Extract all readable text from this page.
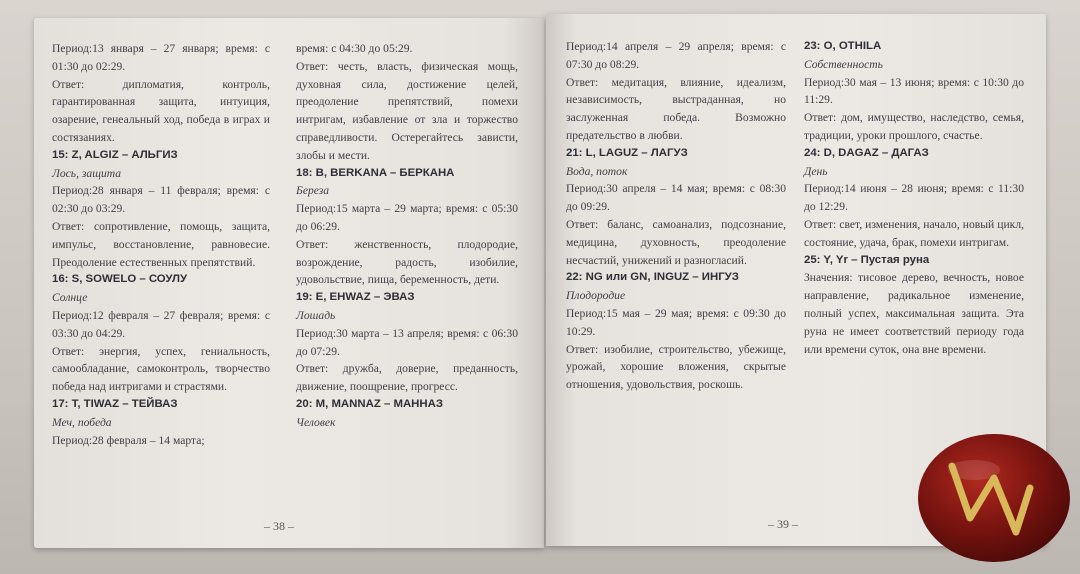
Период:13 января – 27 января; время: с 01:30 до 02:29.

Ответ: дипломатия, контроль, гарантированная защита, интуиция, озарение, генеальный ход, победа в играх и состязаниях.

15: Z, ALGIZ – АЛЬГИЗ

Лось, защита

Период:28 января – 11 февраля; время: с 02:30 до 03:29.

Ответ: сопротивление, помощь, защита, импульс, восстановление, равновесие. Преодоление естественных препятствий.

16: S, SOWELO – СОУЛУ

Солнце

Период:12 февраля – 27 февраля; время: с 03:30 до 04:29.

Ответ: энергия, успех, гениальность, самообладание, самоконтроль, творчество победа над интригами и страстями.

17: T, TIWAZ – ТЕЙВАЗ

Меч, победа

Период:28 февраля – 14 марта;

время: с 04:30 до 05:29.

Ответ: честь, власть, физическая мощь, духовная сила, достижение целей, преодоление препятствий, помехи интригам, избавление от зла и торжество справедливости. Остерегайтесь зависти, злобы и мести.

18: B, BERKANA – БЕРКАНА

Береза

Период:15 марта – 29 марта; время: с 05:30 до 06:29.

Ответ: женственность, плодородие, возрождение, радость, изобилие, удовольствие, пища, беременность, дети.

19: E, EHWAZ – ЭВАЗ

Лошадь

Период:30 марта – 13 апреля; время: с 06:30 до 07:29.

Ответ: дружба, доверие, преданность, движение, поощрение, прогресс.

20: M, MANNAZ – МАННАЗ

Человек

– 38 –

Период:14 апреля – 29 апреля; время: с 07:30 до 08:29.

Ответ: медитация, влияние, идеализм, независимость, выстраданная, но заслуженная победа. Возможно предательство в любви.

21: L, LAGUZ – ЛАГУЗ

Вода, поток

Период:30 апреля – 14 мая; время: с 08:30 до 09:29.

Ответ: баланс, самоанализ, подсознание, медицина, духовность, преодоление несчастий, унижений и разногласий.

22: NG или GN, INGUZ – ИНГУЗ

Плодородие

Период:15 мая – 29 мая; время: с 09:30 до 10:29.

Ответ: изобилие, строительство, убежище, урожай, хорошие вложения, скрытые отношения, удовольствия, роскошь.

23: O, OTHILA

Собственность

Период:30 мая – 13 июня; время: с 10:30 до 11:29.

Ответ: дом, имущество, наследство, семья, традиции, уроки прошлого, счастье.

24: D, DAGAZ – ДАГАЗ

День

Период:14 июня – 28 июня; время: с 11:30 до 12:29.

Ответ: свет, изменения, начало, новый цикл, состояние, удача, брак, помехи интригам.

25: Y, Yr – Пустая руна

Значения: тисовое дерево, вечность, новое направление, радикальное изменение, полный успех, максимальная защита. Эта руна не имеет соответствий периоду года или времени суток, она вне времени.

– 39 –
